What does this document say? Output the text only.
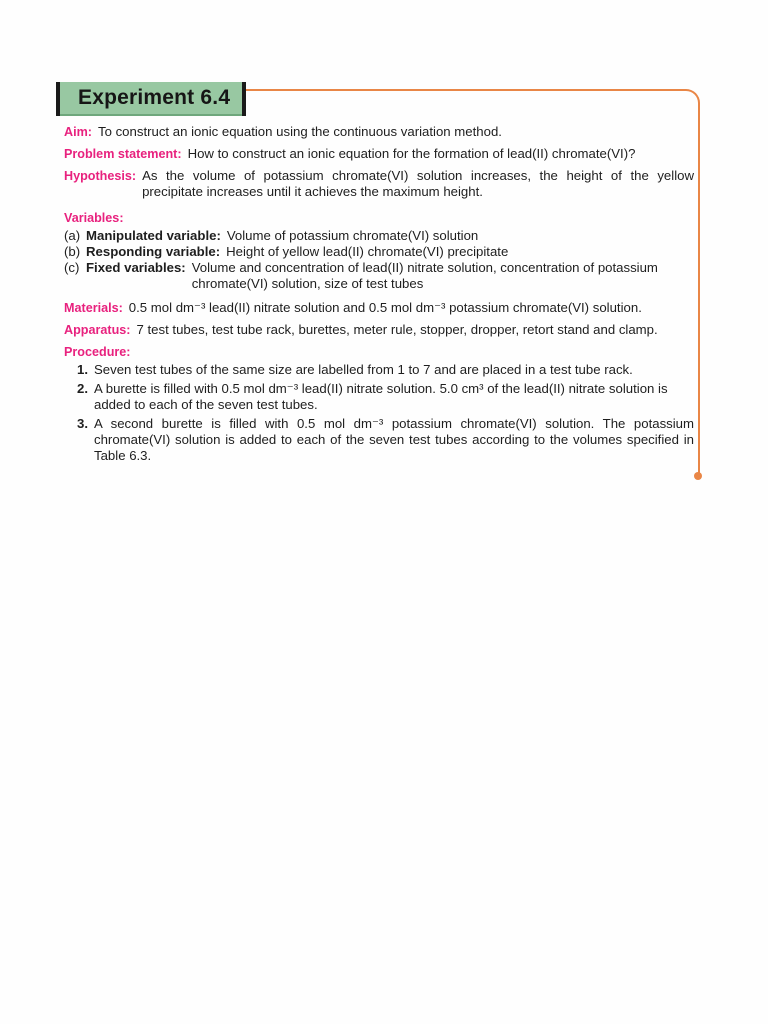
Experiment 6.4
Aim: To construct an ionic equation using the continuous variation method.
Problem statement: How to construct an ionic equation for the formation of lead(II) chromate(VI)?
Hypothesis: As the volume of potassium chromate(VI) solution increases, the height of the yellow precipitate increases until it achieves the maximum height.
Variables:
(a) Manipulated variable: Volume of potassium chromate(VI) solution
(b) Responding variable: Height of yellow lead(II) chromate(VI) precipitate
(c) Fixed variables: Volume and concentration of lead(II) nitrate solution, concentration of potassium chromate(VI) solution, size of test tubes
Materials: 0.5 mol dm⁻³ lead(II) nitrate solution and 0.5 mol dm⁻³ potassium chromate(VI) solution.
Apparatus: 7 test tubes, test tube rack, burettes, meter rule, stopper, dropper, retort stand and clamp.
Procedure:
1. Seven test tubes of the same size are labelled from 1 to 7 and are placed in a test tube rack.
2. A burette is filled with 0.5 mol dm⁻³ lead(II) nitrate solution. 5.0 cm³ of the lead(II) nitrate solution is added to each of the seven test tubes.
3. A second burette is filled with 0.5 mol dm⁻³ potassium chromate(VI) solution. The potassium chromate(VI) solution is added to each of the seven test tubes according to the volumes specified in Table 6.3.
